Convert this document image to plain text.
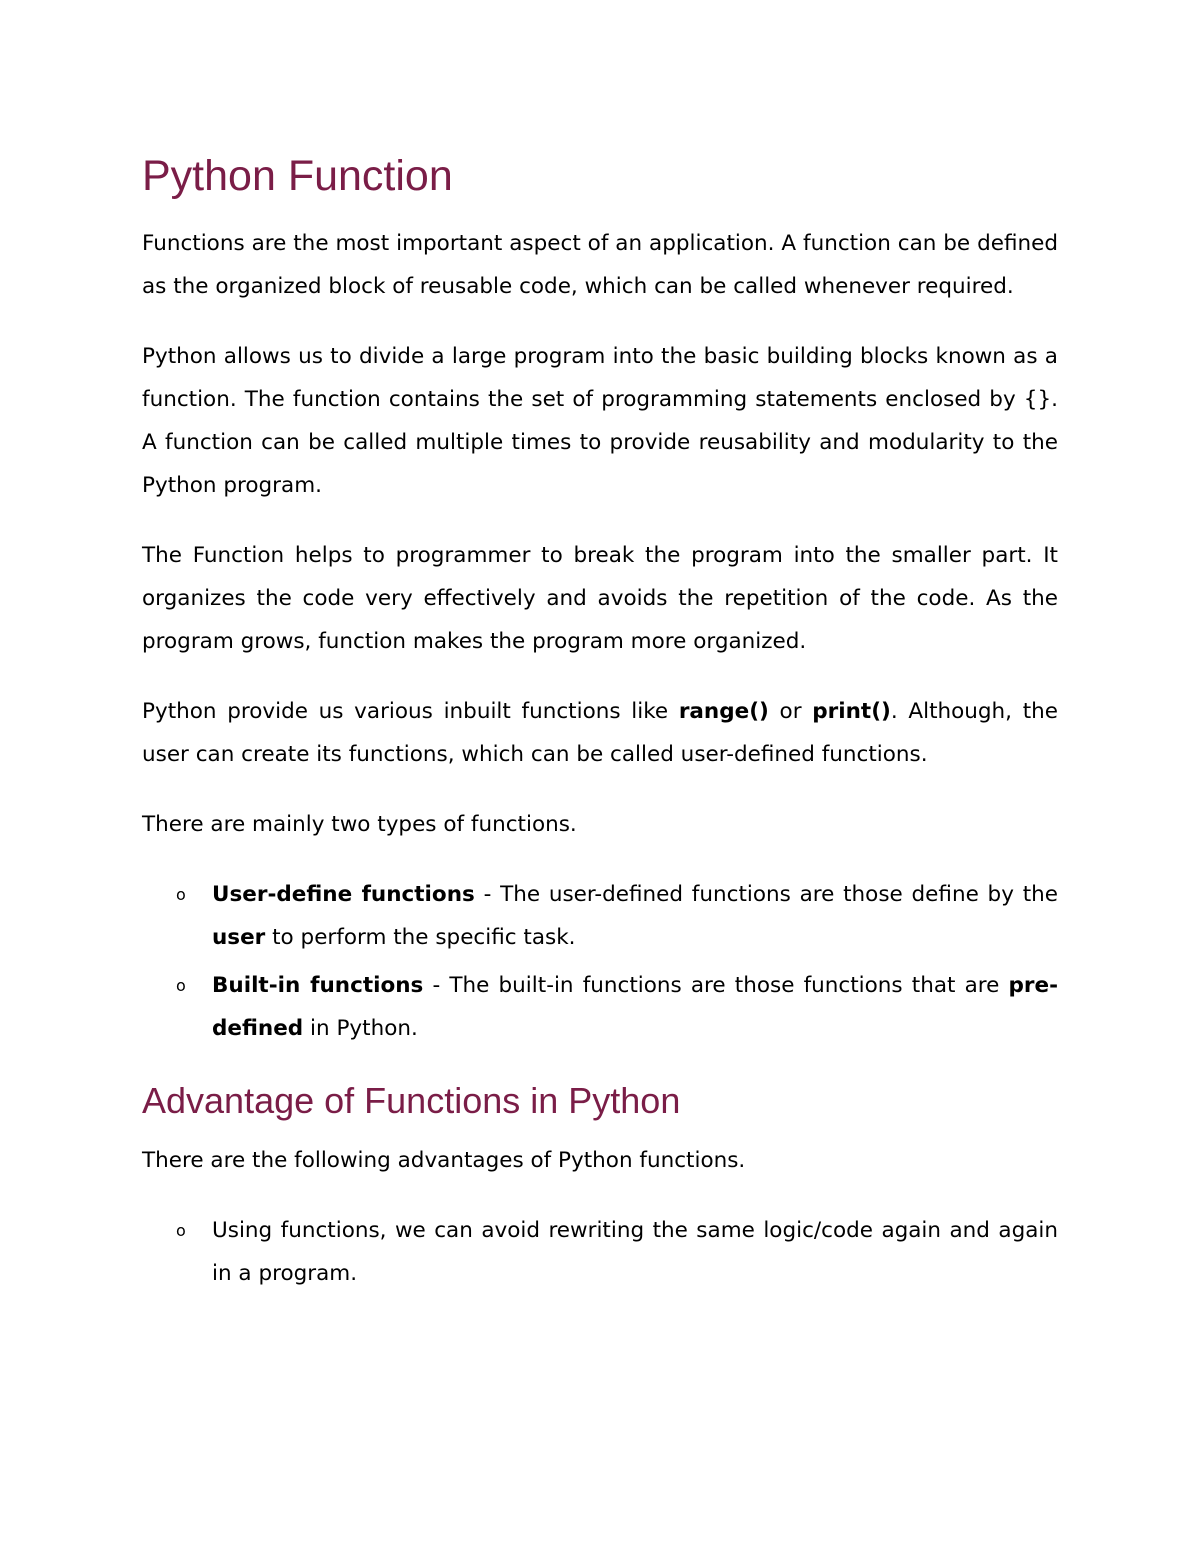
Python Function

Functions are the most important aspect of an application. A function can be defined as the organized block of reusable code, which can be called whenever required.

Python allows us to divide a large program into the basic building blocks known as a function. The function contains the set of programming statements enclosed by {}. A function can be called multiple times to provide reusability and modularity to the Python program.

The Function helps to programmer to break the program into the smaller part. It organizes the code very effectively and avoids the repetition of the code. As the program grows, function makes the program more organized.

Python provide us various inbuilt functions like range() or print(). Although, the user can create its functions, which can be called user-defined functions.

There are mainly two types of functions.

o User-define functions - The user-defined functions are those define by the user to perform the specific task.
o Built-in functions - The built-in functions are those functions that are pre-defined in Python.
Advantage of Functions in Python

There are the following advantages of Python functions.

o Using functions, we can avoid rewriting the same logic/code again and again in a program.
